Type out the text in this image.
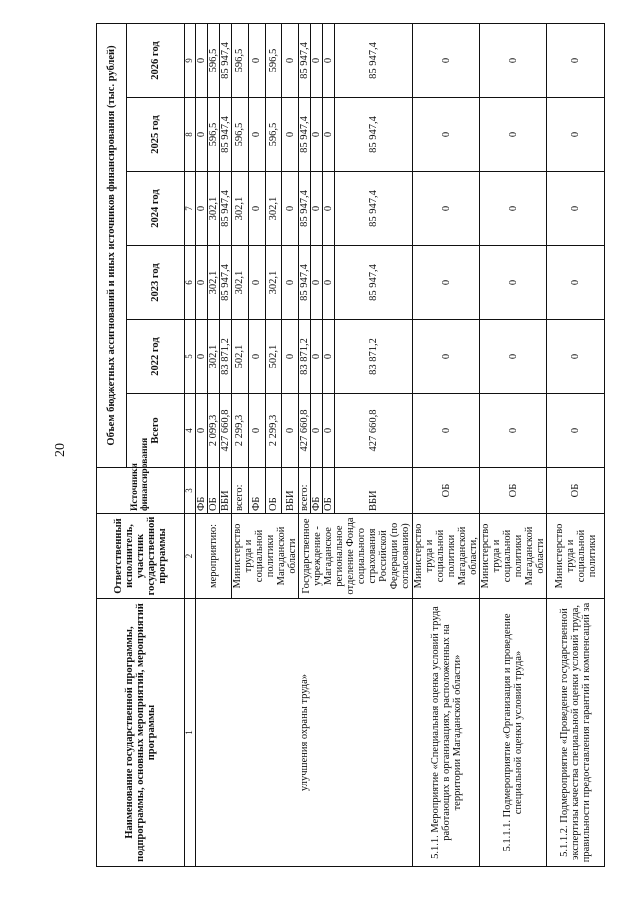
20
Наименование государственной программы, подпрограммы, основных мероприятий, мероприятий программы	Ответственный исполнитель, участник государственной программы	Источники финансирования	Объем бюджетных ассигнований и иных источников финансирования (тыс. рублей)					
			Всего	2022 год	2023 год	2024 год	2025 год	2026 год
1	2	3	4	5	6	7	8	9
улучшения охраны труда»	мероприятию:	ФБ	0	0	0	0	0	0
		ОБ	2 099,3	302,1	302,1	302,1	596,5	596,5
		ВБИ	427 660,8	83 871,2	85 947,4	85 947,4	85 947,4	85 947,4
	Министерство труда и социальной политики Магаданской области	всего:	2 299,3	502,1	302,1	302,1	596,5	596,5
		ФБ	0	0	0	0	0	0
		ОБ	2 299,3	502,1	302,1	302,1	596,5	596,5
		ВБИ	0	0	0	0	0	0
	Государственное учреждение - Магаданское региональное отделение Фонда социального страхования Российской Федерации (по согласованию)	всего:	427 660,8	83 871,2	85 947,4	85 947,4	85 947,4	85 947,4
		ФБ	0	0	0	0	0	0
		ОБ	0	0	0	0	0	0
		ВБИ	427 660,8	83 871,2	85 947,4	85 947,4	85 947,4	85 947,4
5.1.1. Мероприятие «Специальная оценка условий труда работающих в организациях, расположенных на территории Магаданской области»	Министерство труда и социальной политики Магаданской области,	ОБ	0	0	0	0	0	0
5.1.1.1. Подмероприятие «Организация и проведение специальной оценки условий труда»	Министерство труда и социальной политики Магаданской области	ОБ	0	0	0	0	0	0
5.1.1.2. Подмероприятие «Проведение государственной экспертизы качества специальной оценки условий труда, правильности предоставления гарантий и компенсаций за	Министерство труда и социальной политики	ОБ	0	0	0	0	0	0
